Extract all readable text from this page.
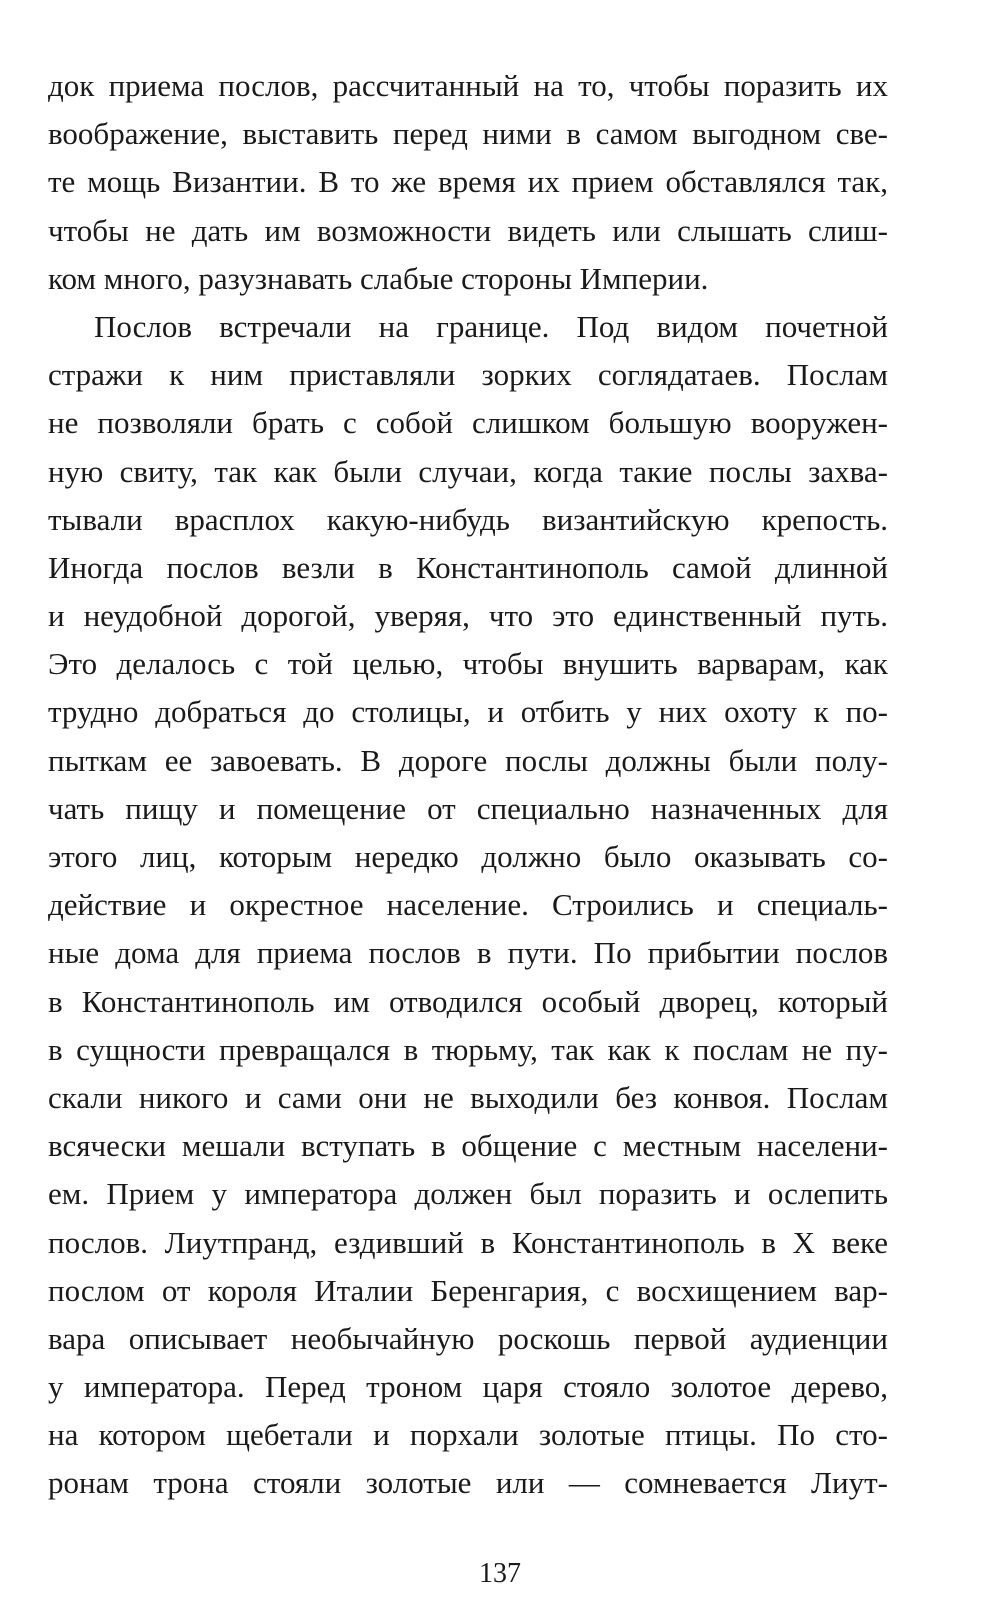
док приема послов, рассчитанный на то, чтобы поразить их
воображение, выставить перед ними в самом выгодном све-
те мощь Византии. В то же время их прием обставлялся так,
чтобы не дать им возможности видеть или слышать слиш-
ком много, разузнавать слабые стороны Империи.
Послов встречали на границе. Под видом почетной
стражи к ним приставляли зорких соглядатаев. Послам
не позволяли брать с собой слишком большую вооружен-
ную свиту, так как были случаи, когда такие послы захва-
тывали врасплох какую-нибудь византийскую крепость.
Иногда послов везли в Константинополь самой длинной
и неудобной дорогой, уверяя, что это единственный путь.
Это делалось с той целью, чтобы внушить варварам, как
трудно добраться до столицы, и отбить у них охоту к по-
пыткам ее завоевать. В дороге послы должны были полу-
чать пищу и помещение от специально назначенных для
этого лиц, которым нередко должно было оказывать со-
действие и окрестное население. Строились и специаль-
ные дома для приема послов в пути. По прибытии послов
в Константинополь им отводился особый дворец, который
в сущности превращался в тюрьму, так как к послам не пу-
скали никого и сами они не выходили без конвоя. Послам
всячески мешали вступать в общение с местным населени-
ем. Прием у императора должен был поразить и ослепить
послов. Лиутпранд, ездивший в Константинополь в X веке
послом от короля Италии Беренгария, с восхищением вар-
вара описывает необычайную роскошь первой аудиенции
у императора. Перед троном царя стояло золотое дерево,
на котором щебетали и порхали золотые птицы. По сто-
ронам трона стояли золотые или — сомневается Лиут-
137
